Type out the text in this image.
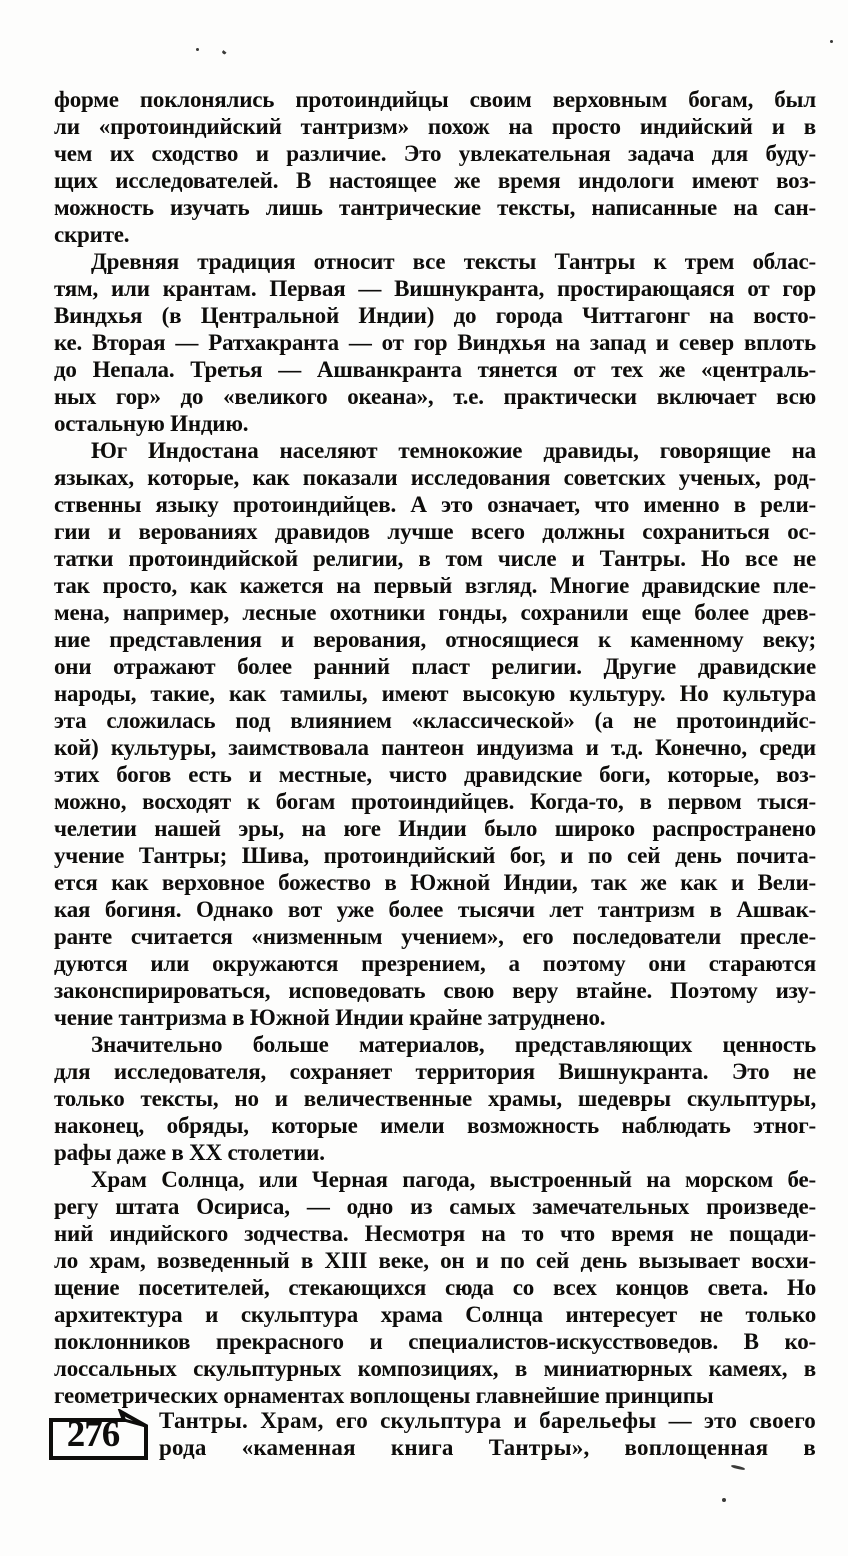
форме поклонялись протоиндийцы своим верховным богам, был
ли «протоиндийский тантризм» похож на просто индийский и в
чем их сходство и различие. Это увлекательная задача для буду-
щих исследователей. В настоящее же время индологи имеют воз-
можность изучать лишь тантрические тексты, написанные на сан-
скрите.
Древняя традиция относит все тексты Тантры к трем облас-
тям, или крантам. Первая — Вишнукранта, простирающаяся от гор
Виндхья (в Центральной Индии) до города Читтагонг на восто-
ке. Вторая — Ратхакранта — от гор Виндхья на запад и север вплоть
до Непала. Третья — Ашванкранта тянется от тех же «централь-
ных гор» до «великого океана», т.е. практически включает всю
остальную Индию.
Юг Индостана населяют темнокожие дравиды, говорящие на
языках, которые, как показали исследования советских ученых, род-
ственны языку протоиндийцев. А это означает, что именно в рели-
гии и верованиях дравидов лучше всего должны сохраниться ос-
татки протоиндийской религии, в том числе и Тантры. Но все не
так просто, как кажется на первый взгляд. Многие дравидские пле-
мена, например, лесные охотники гонды, сохранили еще более древ-
ние представления и верования, относящиеся к каменному веку;
они отражают более ранний пласт религии. Другие дравидские
народы, такие, как тамилы, имеют высокую культуру. Но культура
эта сложилась под влиянием «классической» (а не протоиндийс-
кой) культуры, заимствовала пантеон индуизма и т.д. Конечно, среди
этих богов есть и местные, чисто дравидские боги, которые, воз-
можно, восходят к богам протоиндийцев. Когда-то, в первом тыся-
челетии нашей эры, на юге Индии было широко распространено
учение Тантры; Шива, протоиндийский бог, и по сей день почита-
ется как верховное божество в Южной Индии, так же как и Вели-
кая богиня. Однако вот уже более тысячи лет тантризм в Ашвак-
ранте считается «низменным учением», его последователи пресле-
дуются или окружаются презрением, а поэтому они стараются
законспирироваться, исповедовать свою веру втайне. Поэтому изу-
чение тантризма в Южной Индии крайне затруднено.
Значительно больше материалов, представляющих ценность
для исследователя, сохраняет территория Вишнукранта. Это не
только тексты, но и величественные храмы, шедевры скульптуры,
наконец, обряды, которые имели возможность наблюдать этног-
рафы даже в XX столетии.
Храм Солнца, или Черная пагода, выстроенный на морском бе-
регу штата Осириса, — одно из самых замечательных произведе-
ний индийского зодчества. Несмотря на то что время не пощади-
ло храм, возведенный в XIII веке, он и по сей день вызывает восхи-
щение посетителей, стекающихся сюда со всех концов света. Но
архитектура и скульптура храма Солнца интересует не только
поклонников прекрасного и специалистов-искусствоведов. В ко-
лоссальных скульптурных композициях, в миниатюрных камеях, в
геометрических орнаментах воплощены главнейшие принципы
276	Тантры. Храм, его скульптура и барельефы — это своего
рода «каменная книга Тантры», воплощенная в
